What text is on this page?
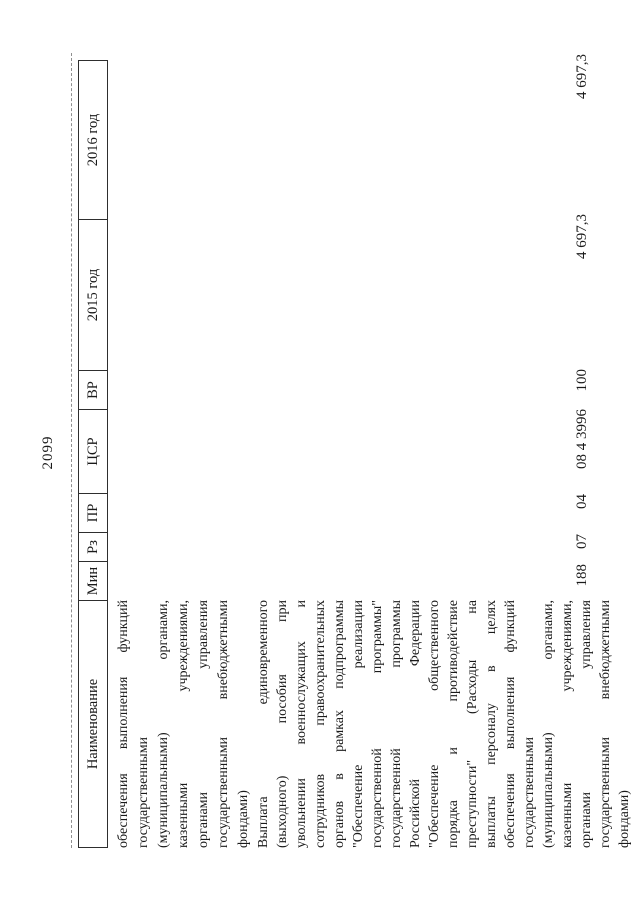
2099
Наименование
Мин
Рз
ПР
ЦСР
ВР
2015 год
2016 год
обеспечения выполнения функций государственными (муниципальными) органами, казенными учреждениями, органами управления государственными внебюджетными фондами) Выплата единовременного (выходного) пособия при увольнении военнослужащих и сотрудников правоохранительных органов в рамках подпрограммы "Обеспечение реализации государственной программы" государственной программы Российской Федерации "Обеспечение общественного порядка и противодействие преступности" (Расходы на выплаты персоналу в целях обеспечения выполнения функций государственными (муниципальными) органами, казенными учреждениями, органами управления государственными внебюджетными фондами)
188
07
04
08 4 3996
100
4 697,3
4 697,3
